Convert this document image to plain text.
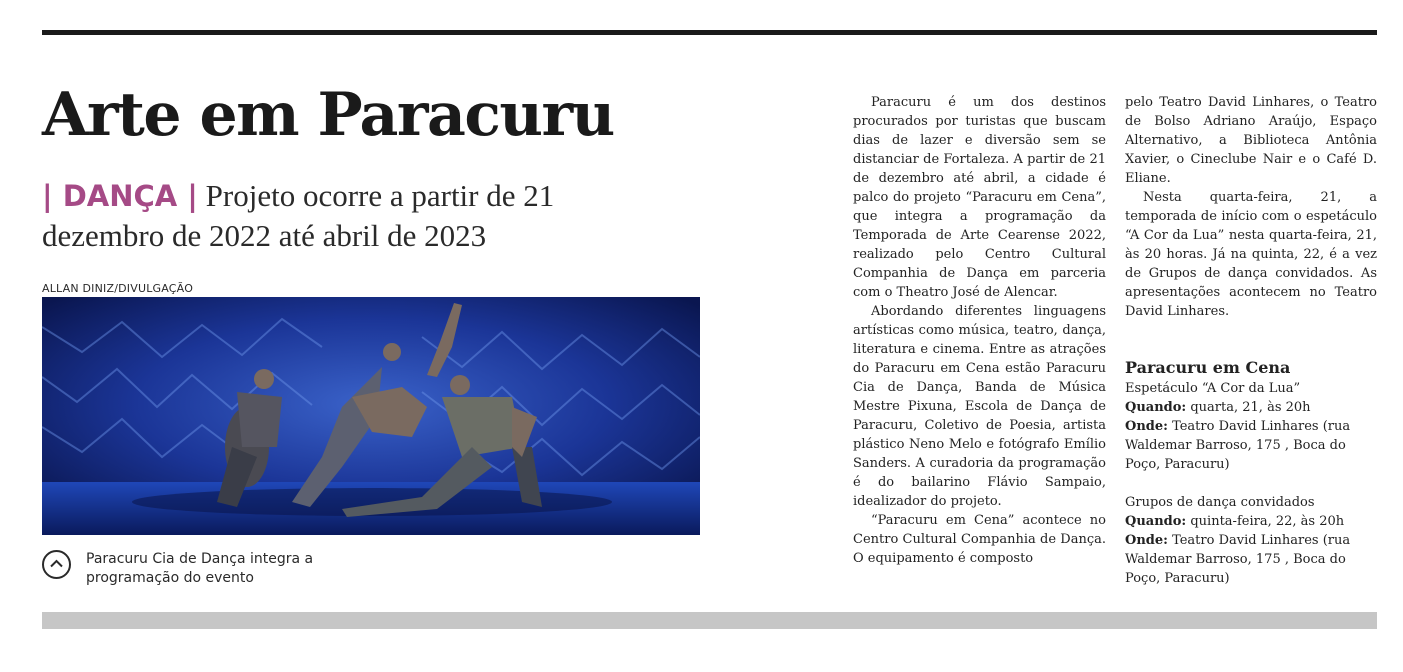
Arte em Paracuru
| DANÇA | Projeto ocorre a partir de 21 dezembro de 2022 até abril de 2023
ALLAN DINIZ/DIVULGAÇÃO
Paracuru Cia de Dança integra a programação do evento

Paracuru é um dos destinos procurados por turistas que buscam dias de lazer e diversão sem se distanciar de Fortaleza. A partir de 21 de dezembro até abril, a cidade é palco do projeto “Paracuru em Cena”, que integra a programação da Temporada de Arte Cearense 2022, realizado pelo Centro Cultural Companhia de Dança em parceria com o Theatro José de Alencar.

Abordando diferentes linguagens artísticas como música, teatro, dança, literatura e cinema. Entre as atrações do Paracuru em Cena estão Paracuru Cia de Dança, Banda de Música Mestre Pixuna, Escola de Dança de Paracuru, Coletivo de Poesia, artista plástico Neno Melo e fotógrafo Emílio Sanders. A curadoria da programação é do bailarino Flávio Sampaio, idealizador do projeto.

“Paracuru em Cena” acontece no Centro Cultural Companhia de Dança. O equipamento é composto

pelo Teatro David Linhares, o Teatro de Bolso Adriano Araújo, Espaço Alternativo, a Biblioteca Antônia Xavier, o Cineclube Nair e o Café D. Eliane.

Nesta quarta-feira, 21, a temporada de início com o espetáculo “A Cor da Lua” nesta quarta-feira, 21, às 20 horas. Já na quinta, 22, é a vez de Grupos de dança convidados. As apresentações acontecem no Teatro David Linhares.

Paracuru em Cena
Espetáculo “A Cor da Lua”
Quando: quarta, 21, às 20h
Onde: Teatro David Linhares (rua Waldemar Barroso, 175 , Boca do Poço, Paracuru)
Grupos de dança convidados
Quando: quinta-feira, 22, às 20h
Onde: Teatro David Linhares (rua Waldemar Barroso, 175 , Boca do Poço, Paracuru)
